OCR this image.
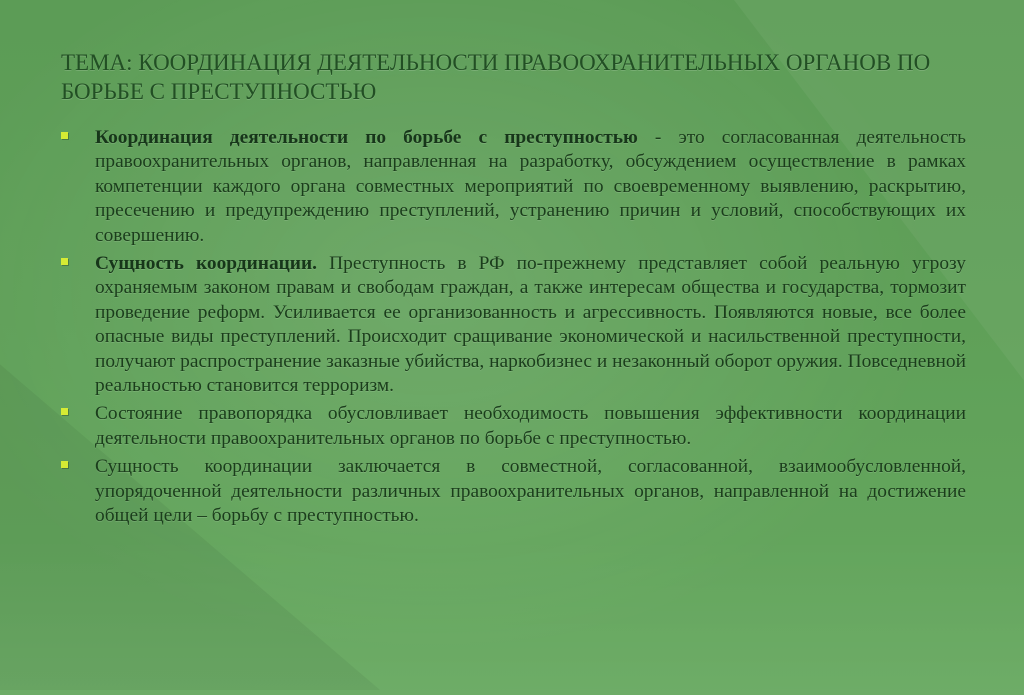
ТЕМА: КООРДИНАЦИЯ ДЕЯТЕЛЬНОСТИ ПРАВООХРАНИТЕЛЬНЫХ ОРГАНОВ ПО БОРЬБЕ С ПРЕСТУПНОСТЬЮ
Координация деятельности по борьбе с преступностью - это согласованная деятельность правоохранительных органов, направленная на разработку, обсуждением осуществление в рамках компетенции каждого органа совместных мероприятий по своевременному выявлению, раскрытию, пресечению и предупреждению преступлений, устранению причин и условий, способствующих их совершению.
Сущность координации. Преступность в РФ по-прежнему представляет собой реальную угрозу охраняемым законом правам и свободам граждан, а также интересам общества и государства, тормозит проведение реформ. Усиливается ее организованность и агрессивность. Появляются новые, все более опасные виды преступлений. Происходит сращивание экономической и насильственной преступности, получают распространение заказные убийства, наркобизнес и незаконный оборот оружия. Повседневной реальностью становится терроризм.
Состояние правопорядка обусловливает необходимость повышения эффективности координации деятельности правоохранительных органов по борьбе с преступностью.
Сущность координации заключается в совместной, согласованной, взаимообусловленной, упорядоченной деятельности различных правоохранительных органов, направленной на достижение общей цели – борьбу с преступностью.
